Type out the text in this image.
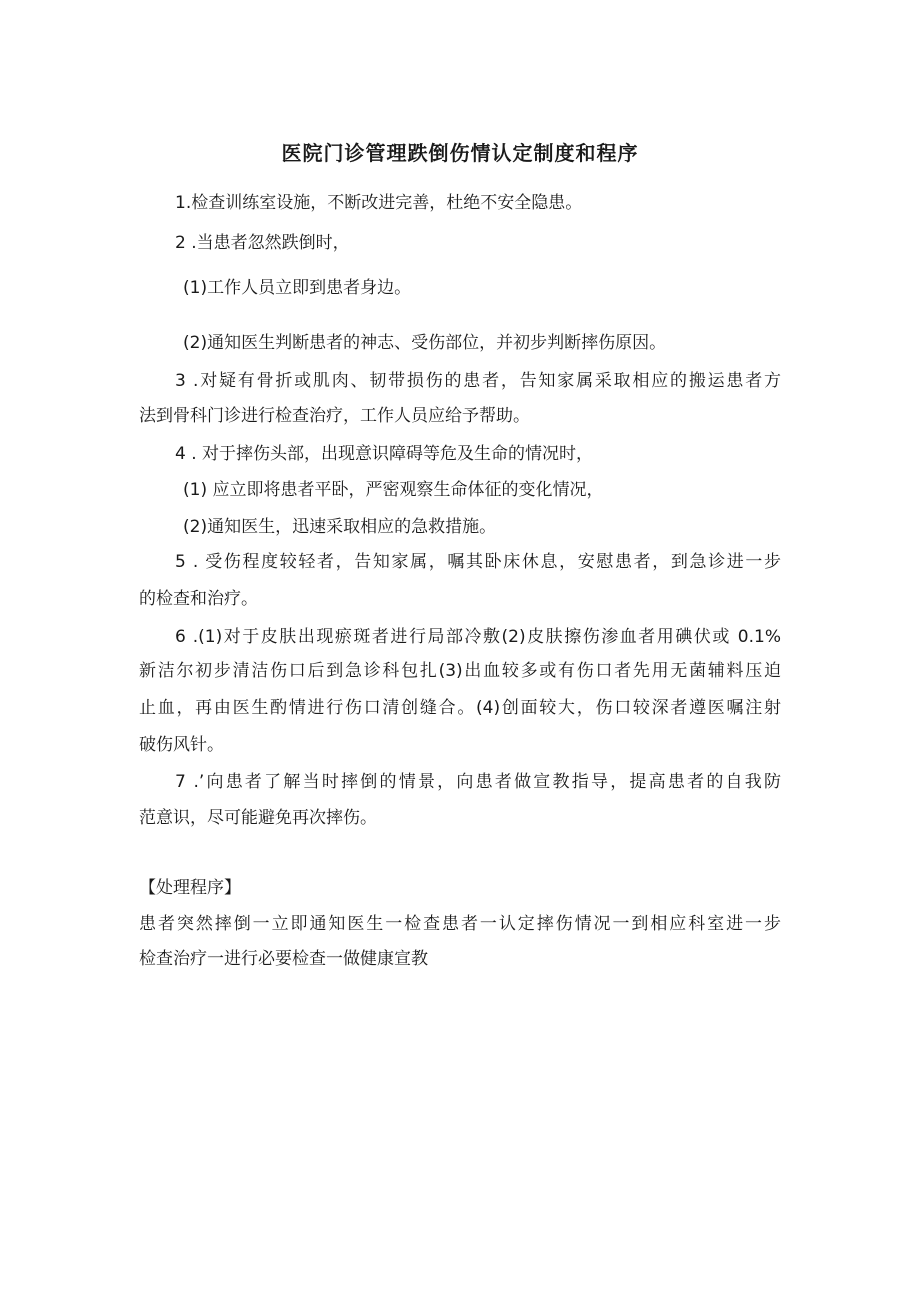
医院门诊管理跌倒伤情认定制度和程序

1.检查训练室设施，不断改进完善，杜绝不安全隐患。

2 .当患者忽然跌倒时，

(1)工作人员立即到患者身边。

(2)通知医生判断患者的神志、受伤部位，并初步判断摔伤原因。

3 .对疑有骨折或肌肉、韧带损伤的患者，告知家属采取相应的搬运患者方

法到骨科门诊进行检查治疗，工作人员应给予帮助。

4 . 对于摔伤头部，出现意识障碍等危及生命的情况时，

(1) 应立即将患者平卧，严密观察生命体征的变化情况，

(2)通知医生，迅速采取相应的急救措施。

5 . 受伤程度较轻者，告知家属，嘱其卧床休息，安慰患者，到急诊进一步

的检查和治疗。

6 .(1)对于皮肤出现瘀斑者进行局部冷敷(2)皮肤擦伤渗血者用碘伏或 0.1%

新洁尔初步清洁伤口后到急诊科包扎(3)出血较多或有伤口者先用无菌辅料压迫

止血，再由医生酌情进行伤口清创缝合。(4)创面较大，伤口较深者遵医嘱注射

破伤风针。

7 .’向患者了解当时摔倒的情景，向患者做宣教指导，提高患者的自我防

范意识，尽可能避免再次摔伤。

【处理程序】

患者突然摔倒一立即通知医生一检查患者一认定摔伤情况一到相应科室进一步

检查治疗一进行必要检查一做健康宣教
